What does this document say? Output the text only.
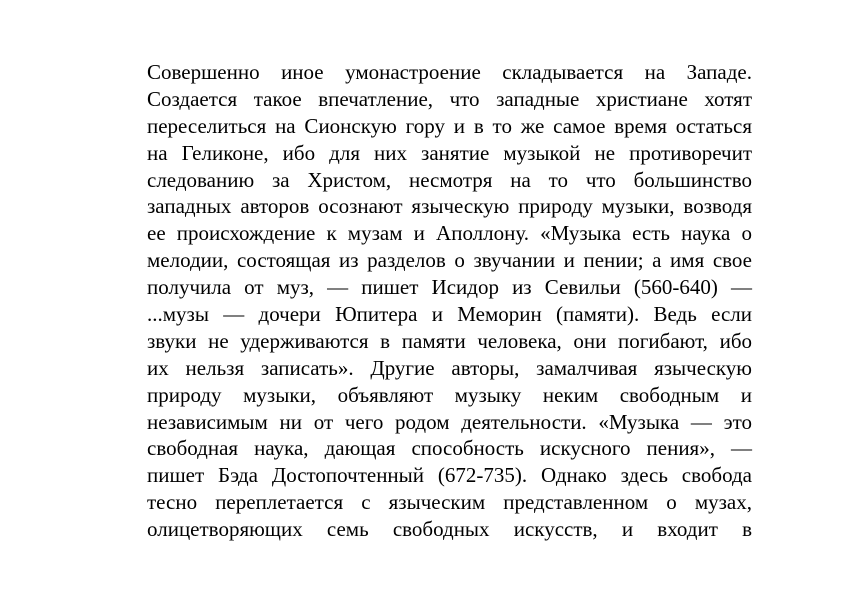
Совершенно иное умонастроение складывается на Западе.
Создается такое впечатление, что западные христиане хотят
переселиться на Сионскую гору и в то же самое время остаться
на Геликоне, ибо для них занятие музыкой не противоречит
следованию за Христом, несмотря на то что большинство
западных авторов осознают языческую природу музыки, возводя
ее происхождение к музам и Аполлону. «Музыка есть наука о
мелодии, состоящая из разделов о звучании и пении; а имя свое
получила от муз, — пишет Исидор из Севильи (560-640) —
...музы — дочери Юпитера и Меморин (памяти). Ведь если
звуки не удерживаются в памяти человека, они погибают, ибо
их нельзя записать». Другие авторы, замалчивая языческую
природу музыки, объявляют музыку неким свободным и
независимым ни от чего родом деятельности. «Музыка — это
свободная наука, дающая способность искусного пения», —
пишет Бэда Достопочтенный (672-735). Однако здесь свобода
тесно переплетается с языческим представленном о музах,
олицетворяющих семь свободных искусств, и входит в
